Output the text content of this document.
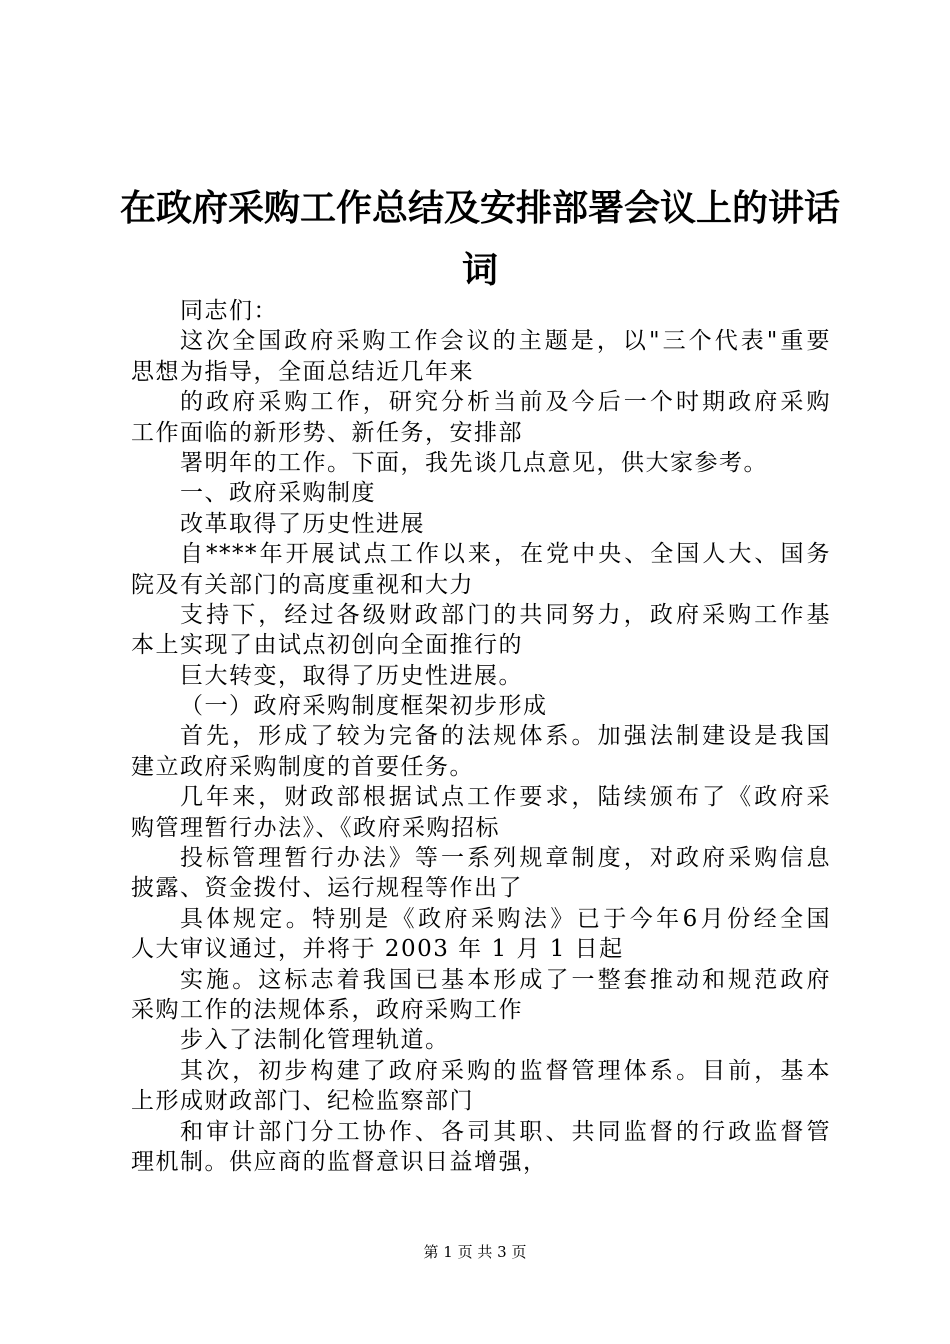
在政府采购工作总结及安排部署会议上的讲话
词
同志们：
这次全国政府采购工作会议的主题是，以"三个代表"重要
思想为指导，全面总结近几年来
的政府采购工作，研究分析当前及今后一个时期政府采购
工作面临的新形势、新任务，安排部
署明年的工作。下面，我先谈几点意见，供大家参考。
一、政府采购制度
改革取得了历史性进展
自****年开展试点工作以来，在党中央、全国人大、国务
院及有关部门的高度重视和大力
支持下，经过各级财政部门的共同努力，政府采购工作基
本上实现了由试点初创向全面推行的
巨大转变，取得了历史性进展。
（一）政府采购制度框架初步形成
首先，形成了较为完备的法规体系。加强法制建设是我国
建立政府采购制度的首要任务。
几年来，财政部根据试点工作要求，陆续颁布了《政府采
购管理暂行办法》、《政府采购招标
投标管理暂行办法》等一系列规章制度，对政府采购信息
披露、资金拨付、运行规程等作出了
具体规定。特别是《政府采购法》已于今年6月份经全国
人大审议通过，并将于 2003 年 1 月 1 日起
实施。这标志着我国已基本形成了一整套推动和规范政府
采购工作的法规体系，政府采购工作
步入了法制化管理轨道。
其次，初步构建了政府采购的监督管理体系。目前，基本
上形成财政部门、纪检监察部门
和审计部门分工协作、各司其职、共同监督的行政监督管
理机制。供应商的监督意识日益增强，
第 1 页 共 3 页
